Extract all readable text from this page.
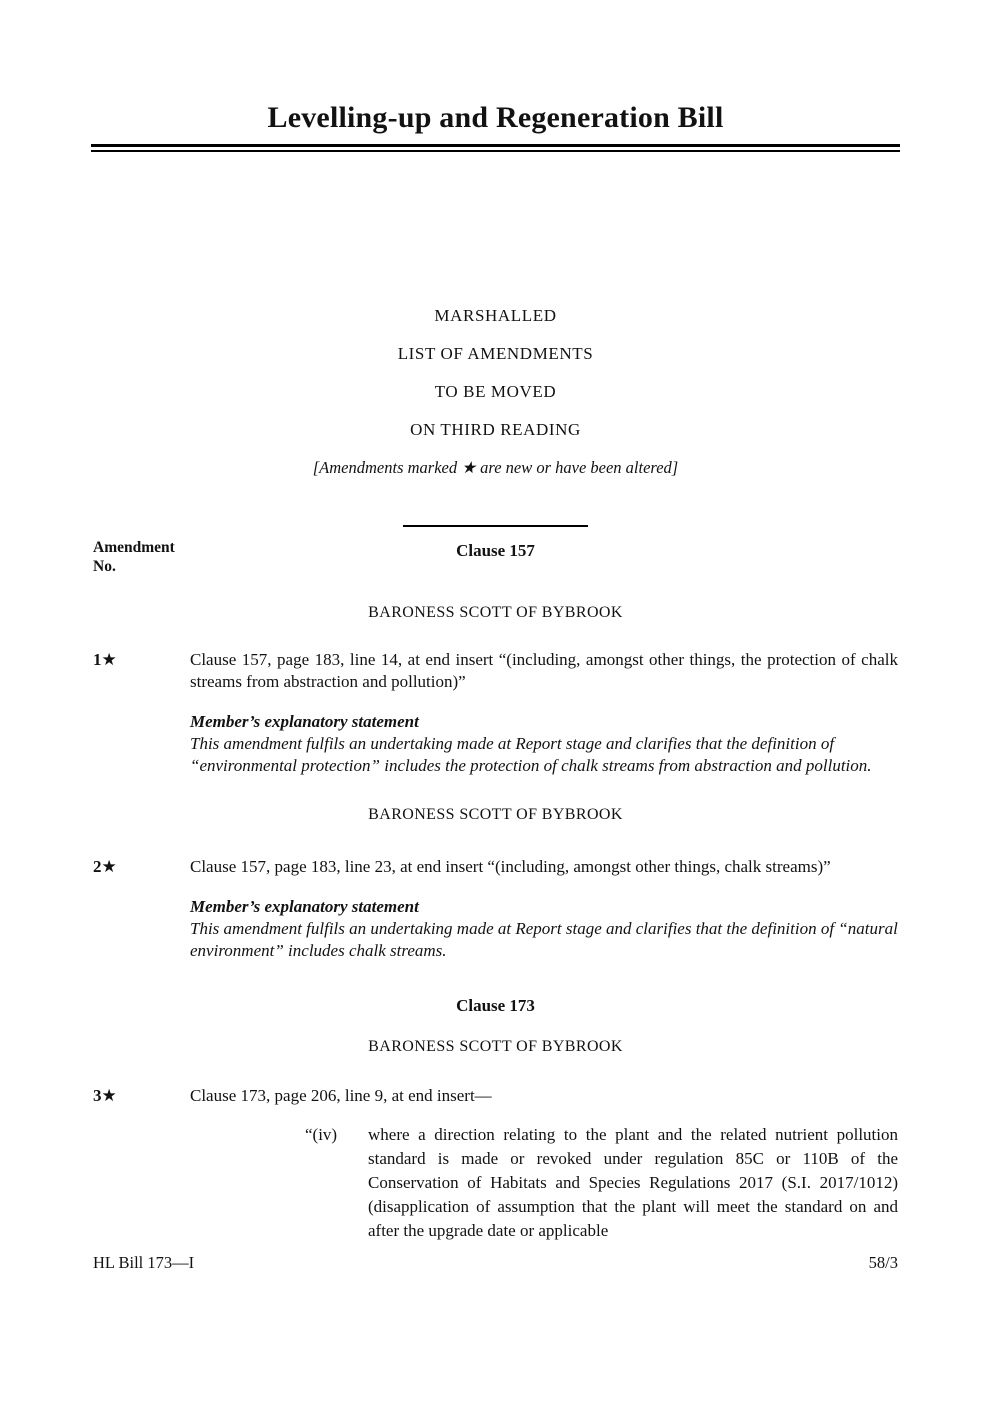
Levelling-up and Regeneration Bill
MARSHALLED
LIST OF AMENDMENTS
TO BE MOVED
ON THIRD READING
[Amendments marked ★ are new or have been altered]
Amendment
No.
Clause 157
BARONESS SCOTT OF BYBROOK
1★	Clause 157, page 183, line 14, at end insert “(including, amongst other things, the protection of chalk streams from abstraction and pollution)”

Member’s explanatory statement

This amendment fulfils an undertaking made at Report stage and clarifies that the definition of “environmental protection” includes the protection of chalk streams from abstraction and pollution.

BARONESS SCOTT OF BYBROOK
2★	Clause 157, page 183, line 23, at end insert “(including, amongst other things, chalk streams)”

Member’s explanatory statement

This amendment fulfils an undertaking made at Report stage and clarifies that the definition of “natural environment” includes chalk streams.

Clause 173
BARONESS SCOTT OF BYBROOK
3★	Clause 173, page 206, line 9, at end insert—

“(iv)	where a direction relating to the plant and the related nutrient pollution standard is made or revoked under regulation 85C or 110B of the Conservation of Habitats and Species Regulations 2017 (S.I. 2017/1012) (disapplication of assumption that the plant will meet the standard on and after the upgrade date or applicable

HL Bill 173—I	58/3
